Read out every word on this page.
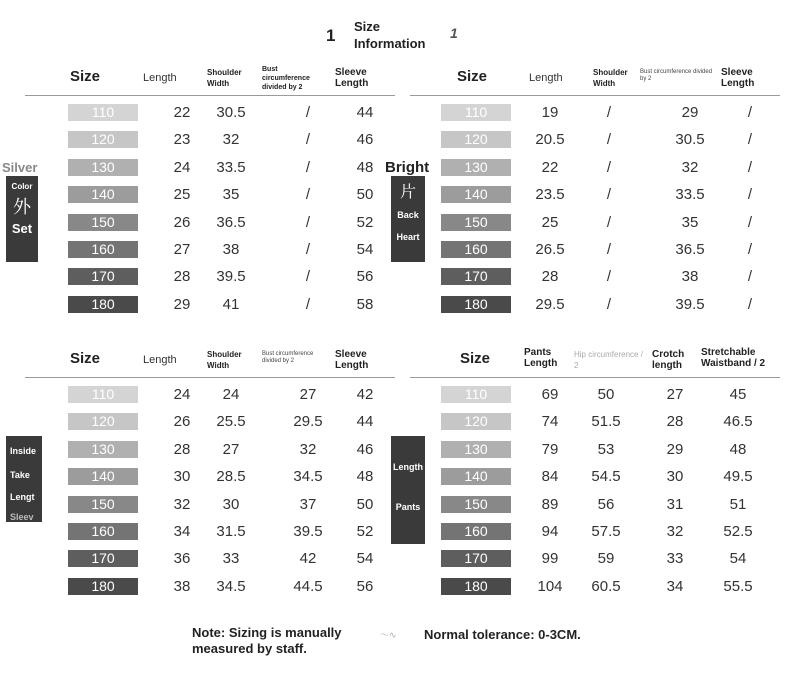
1 Size
Information
1
Size	Length	Shoulder Width
Bust circumference divided by 2
Sleeve Length
110	22	30.5	/	44
120	23	32	/	46
130	24	33.5	/	48
140	25	35	/	50
150	26	36.5	/	52
160	27	38	/	54
170	28	39.5	/	56
180	29	41	/	58
Size	Length	Shoulder Width
Bust circumference divided by 2
Sleeve Length
110	19	/	29	/
120	20.5	/	30.5	/
130	22	/	32	/
140	23.5	/	33.5	/
150	25	/	35	/
160	26.5	/	36.5	/
170	28	/	38	/
180	29.5	/	39.5	/
Size	Length	Shoulder Width
Bust circumference divided by 2
Sleeve Length
110	24	24	27	42
120	26	25.5	29.5	44
130	28	27	32	46
140	30	28.5	34.5	48
150	32	30	37	50
160	34	31.5	39.5	52
170	36	33	42	54
180	38	34.5	44.5	56
Size	Pants Length
Hip circumference / 2
Crotch length
Stretchable Waistband / 2
110	69	50	27	45
120	74	51.5	28	46.5
130	79	53	29	48
140	84	54.5	30	49.5
150	89	56	31	51
160	94	57.5	32	52.5
170	99	59	33	54
180	104	60.5	34	55.5
Silver
Color
外
Set
Bright
片
Back
Heart
Inside
Take
Lengt
Sleev
Length
Pants
Note: Sizing is manually measured by staff.
〜∿	Normal tolerance: 0-3CM.
